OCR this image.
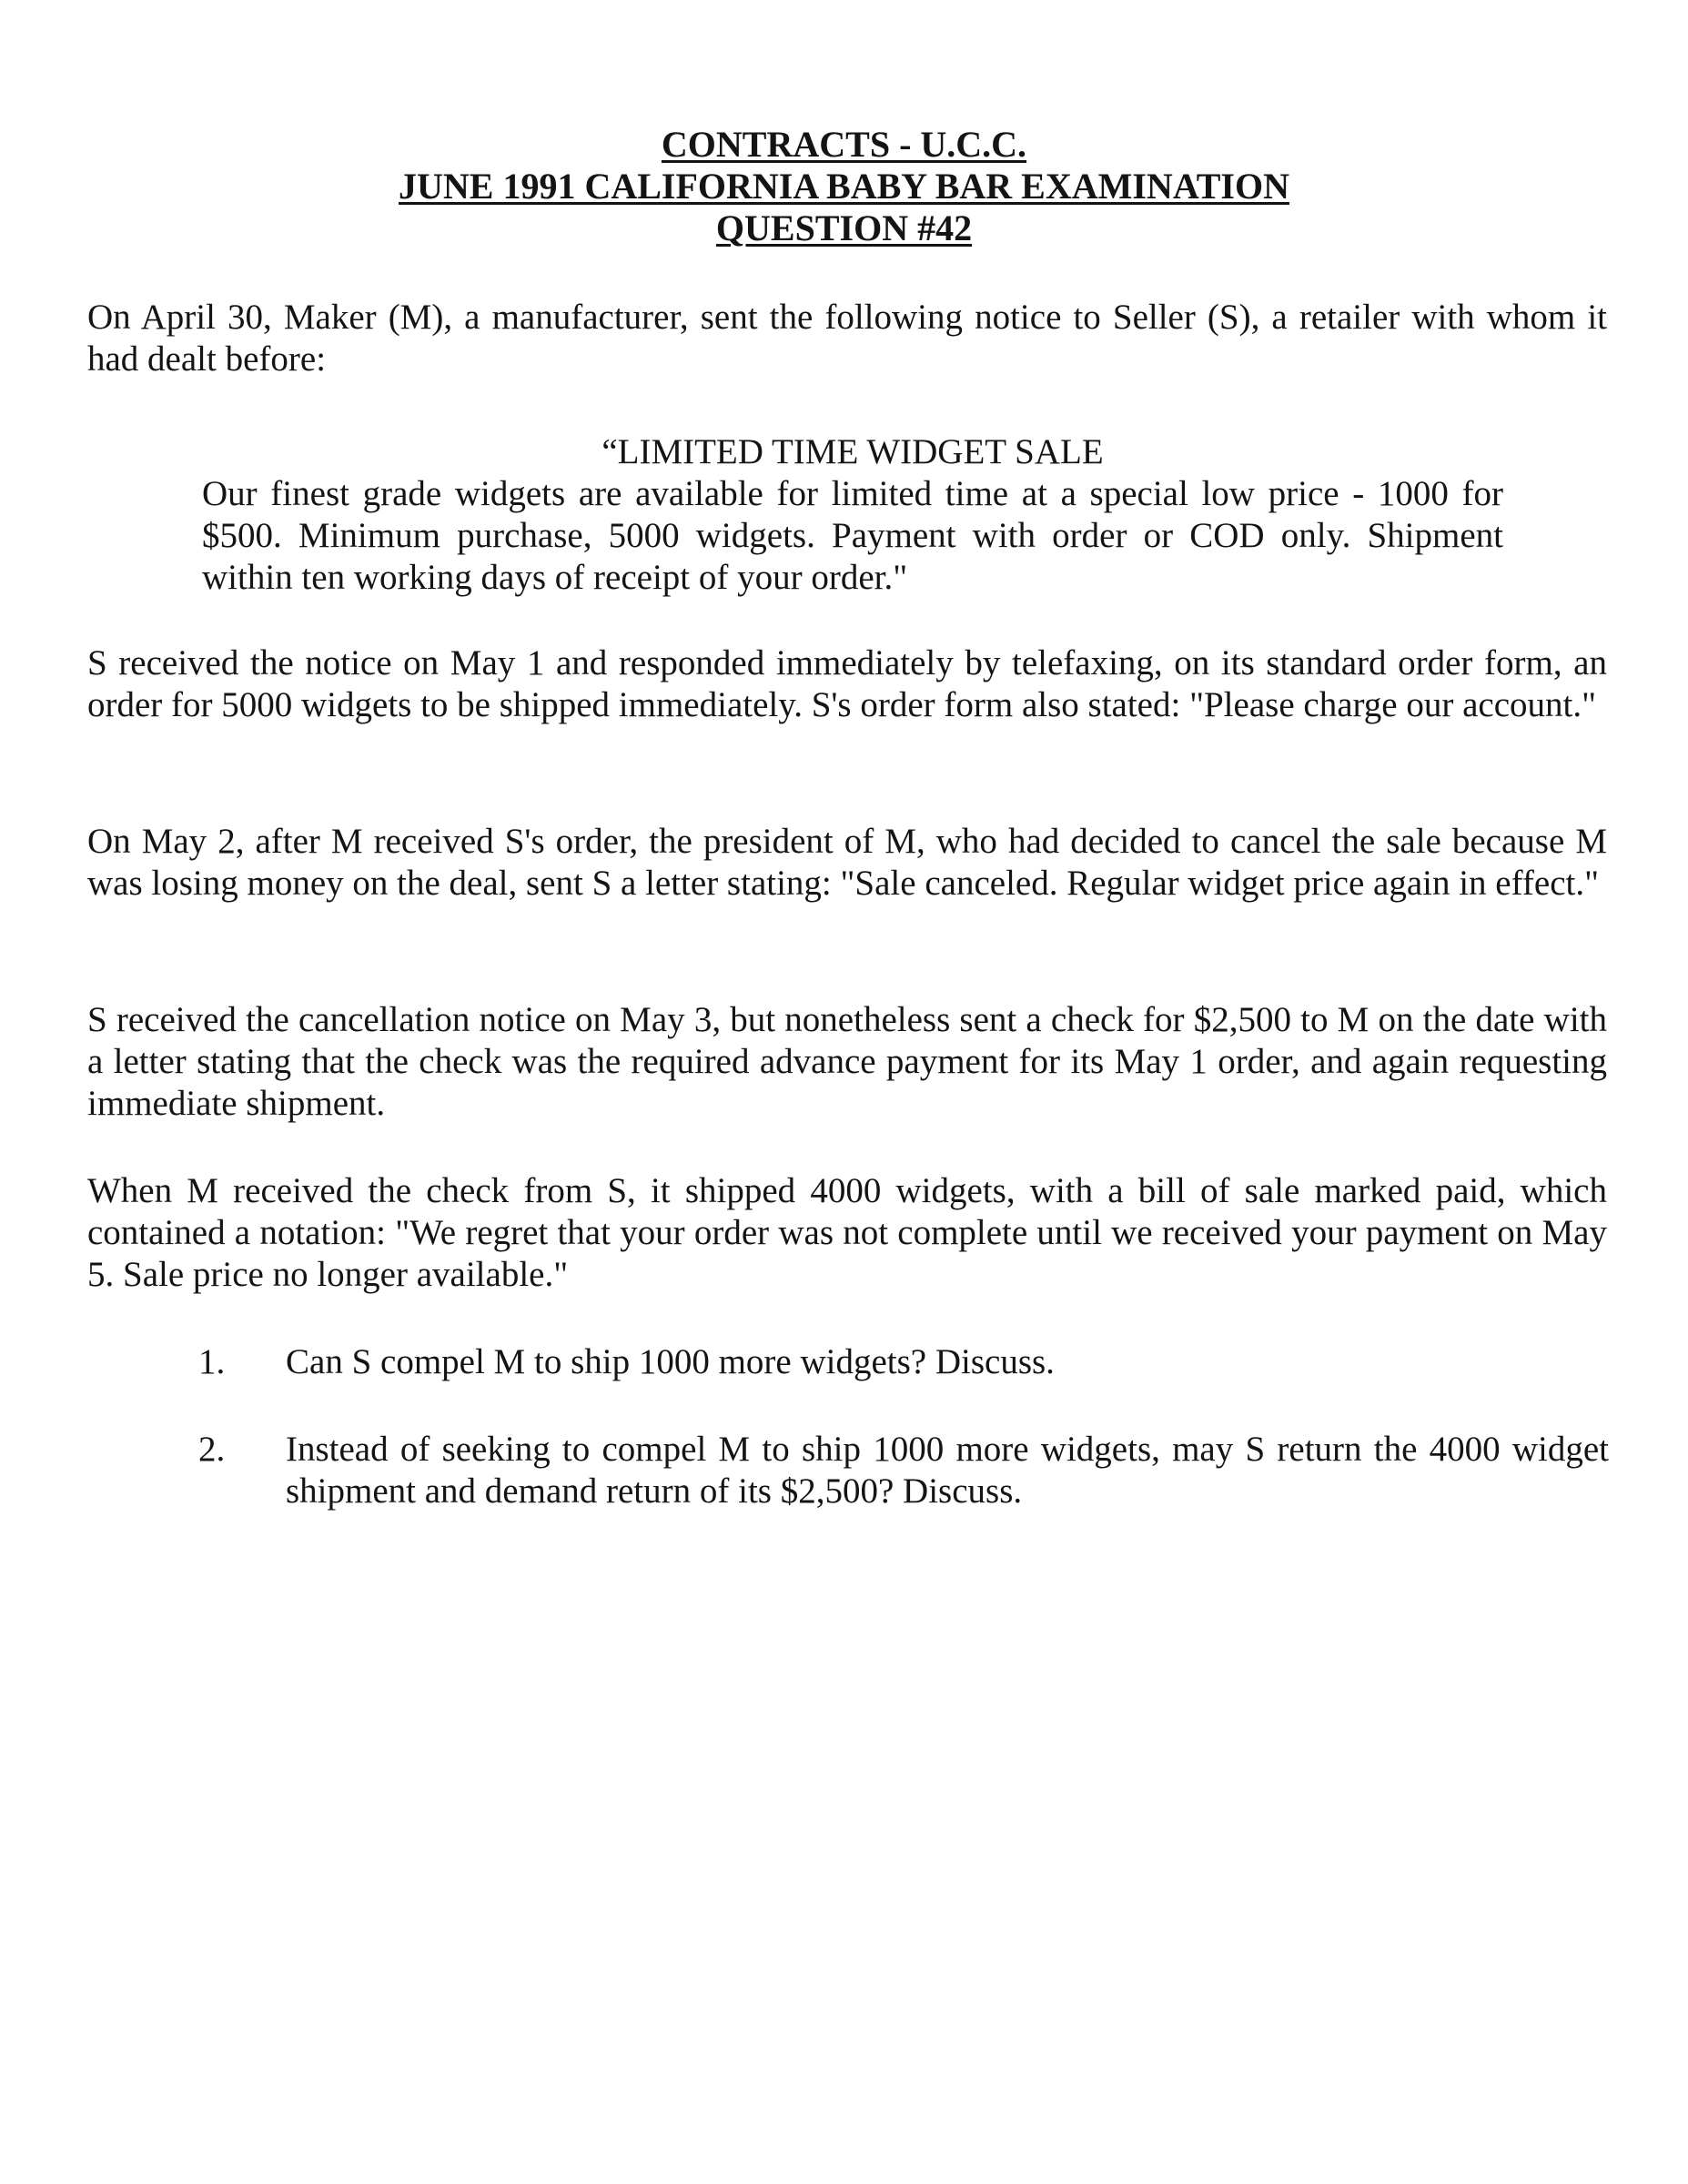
CONTRACTS - U.C.C.
JUNE 1991 CALIFORNIA BABY BAR EXAMINATION
QUESTION #42
On April 30, Maker (M), a manufacturer, sent the following notice to Seller (S), a retailer with whom it had dealt before:
“LIMITED TIME WIDGET SALE
Our finest grade widgets are available for limited time at a special low price - 1000 for $500. Minimum purchase, 5000 widgets. Payment with order or COD only. Shipment within ten working days of receipt of your order."
S received the notice on May 1 and responded immediately by telefaxing, on its standard order form, an order for 5000 widgets to be shipped immediately. S's order form also stated: "Please charge our account."
On May 2, after M received S's order, the president of M, who had decided to cancel the sale because M was losing money on the deal, sent S a letter stating: "Sale canceled. Regular widget price again in effect."
S received the cancellation notice on May 3, but nonetheless sent a check for $2,500 to M on the date with a letter stating that the check was the required advance payment for its May 1 order, and again requesting immediate shipment.
When M received the check from S, it shipped 4000 widgets, with a bill of sale marked paid, which contained a notation: "We regret that your order was not complete until we received your payment on May 5. Sale price no longer available."
1.	Can S compel M to ship 1000 more widgets? Discuss.
2.	Instead of seeking to compel M to ship 1000 more widgets, may S return the 4000 widget shipment and demand return of its $2,500? Discuss.
